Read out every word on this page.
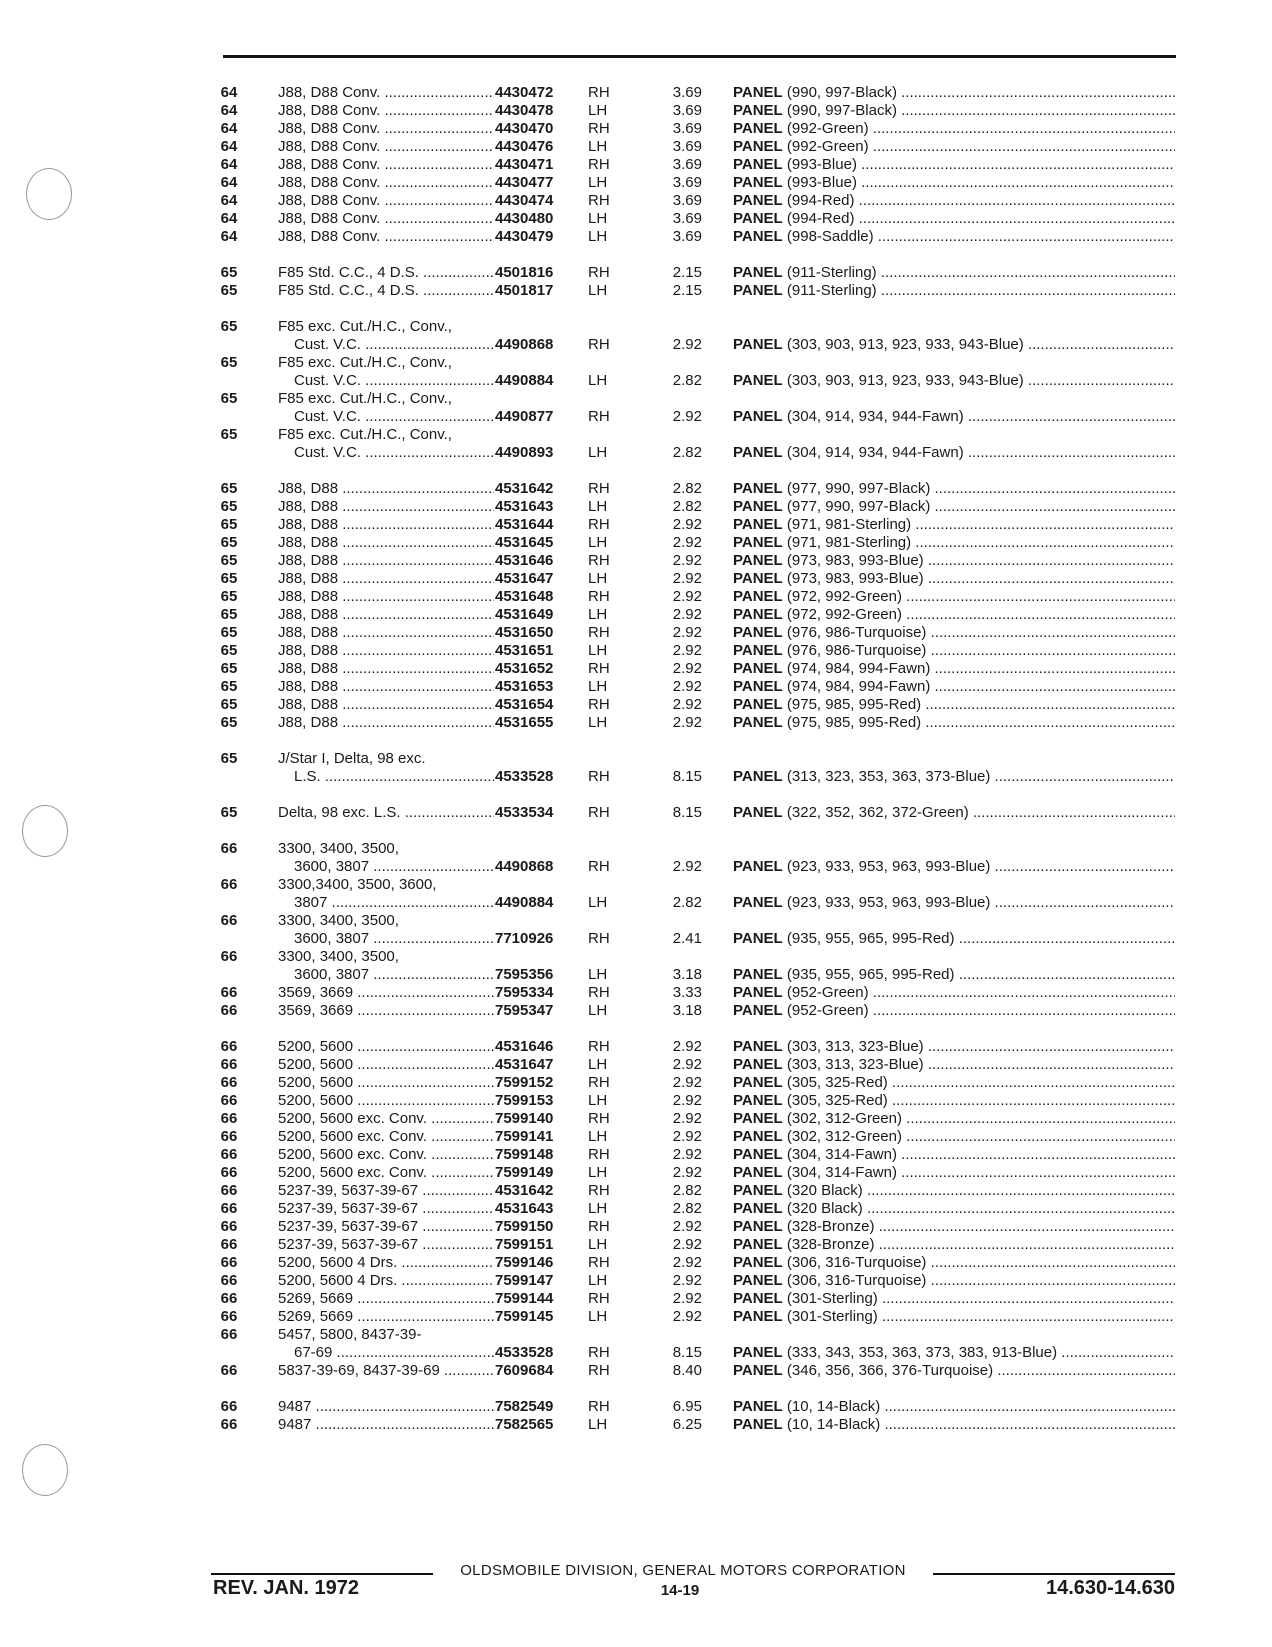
64	J88, D88 Conv. .....	4430472	RH	3.69 PANEL (990, 997-Black) .....
64	J88, D88 Conv. .....	4430478	LH	3.69 PANEL (990, 997-Black) .....
64	J88, D88 Conv. .....	4430470	RH	3.69 PANEL (992-Green) .....
64	J88, D88 Conv. .....	4430476	LH	3.69 PANEL (992-Green) .....
64	J88, D88 Conv. .....	4430471	RH	3.69 PANEL (993-Blue) .....
64	J88, D88 Conv. .....	4430477	LH	3.69 PANEL (993-Blue) .....
64	J88, D88 Conv. .....	4430474	RH	3.69 PANEL (994-Red) .....
64	J88, D88 Conv. .....	4430480	LH	3.69 PANEL (994-Red) .....
64	J88, D88 Conv. .....	4430479	LH	3.69 PANEL (998-Saddle) .....
65	F85 Std. C.C., 4 D.S. .....	4501816	RH	2.15 PANEL (911-Sterling) .....
65	F85 Std. C.C., 4 D.S. .....	4501817	LH	2.15 PANEL (911-Sterling) .....
65	F85 exc. Cut./H.C., Conv.,
Cust. V.C. .....	4490868	RH	2.92 PANEL (303, 903, 913, 923, 933, 943-Blue) .....
65	F85 exc. Cut./H.C., Conv.,
Cust. V.C. .....	4490884	LH	2.82 PANEL (303, 903, 913, 923, 933, 943-Blue) .....
65	F85 exc. Cut./H.C., Conv.,
Cust. V.C. .....	4490877	RH	2.92 PANEL (304, 914, 934, 944-Fawn) .....
65	F85 exc. Cut./H.C., Conv.,
Cust. V.C. .....	4490893	LH	2.82 PANEL (304, 914, 934, 944-Fawn) .....
65	J88, D88 .....	4531642	RH	2.82 PANEL (977, 990, 997-Black) .....
65	J88, D88 .....	4531643	LH	2.82 PANEL (977, 990, 997-Black) .....
65	J88, D88 .....	4531644	RH	2.92 PANEL (971, 981-Sterling) .....
65	J88, D88 .....	4531645	LH	2.92 PANEL (971, 981-Sterling) .....
65	J88, D88 .....	4531646	RH	2.92 PANEL (973, 983, 993-Blue) .....
65	J88, D88 .....	4531647	LH	2.92 PANEL (973, 983, 993-Blue) .....
65	J88, D88 .....	4531648	RH	2.92 PANEL (972, 992-Green) .....
65	J88, D88 .....	4531649	LH	2.92 PANEL (972, 992-Green) .....
65	J88, D88 .....	4531650	RH	2.92 PANEL (976, 986-Turquoise) .....
65	J88, D88 .....	4531651	LH	2.92 PANEL (976, 986-Turquoise) .....
65	J88, D88 .....	4531652	RH	2.92 PANEL (974, 984, 994-Fawn) .....
65	J88, D88 .....	4531653	LH	2.92 PANEL (974, 984, 994-Fawn) .....
65	J88, D88 .....	4531654	RH	2.92 PANEL (975, 985, 995-Red) .....
65	J88, D88 .....	4531655	LH	2.92 PANEL (975, 985, 995-Red) .....
65	J/Star I, Delta, 98 exc.
L.S. .....	4533528	RH	8.15 PANEL (313, 323, 353, 363, 373-Blue) .....
65	Delta, 98 exc. L.S. .....	4533534	RH	8.15 PANEL (322, 352, 362, 372-Green) .....
66	3300, 3400, 3500,
3600, 3807 .....	4490868	RH	2.92 PANEL (923, 933, 953, 963, 993-Blue) .....
66	3300,3400, 3500, 3600,
3807 .....	4490884	LH	2.82 PANEL (923, 933, 953, 963, 993-Blue) .....
66	3300, 3400, 3500,
3600, 3807 .....	7710926	RH	2.41 PANEL (935, 955, 965, 995-Red) .....
66	3300, 3400, 3500,
3600, 3807 .....	7595356	LH	3.18 PANEL (935, 955, 965, 995-Red) .....
66	3569, 3669 .....	7595334	RH	3.33 PANEL (952-Green) .....
66	3569, 3669 .....	7595347	LH	3.18 PANEL (952-Green) .....
66	5200, 5600 .....	4531646	RH	2.92 PANEL (303, 313, 323-Blue) .....
66	5200, 5600 .....	4531647	LH	2.92 PANEL (303, 313, 323-Blue) .....
66	5200, 5600 .....	7599152	RH	2.92 PANEL (305, 325-Red) .....
66	5200, 5600 .....	7599153	LH	2.92 PANEL (305, 325-Red) .....
66	5200, 5600 exc. Conv. .....	7599140	RH	2.92 PANEL (302, 312-Green) .....
66	5200, 5600 exc. Conv. .....	7599141	LH	2.92 PANEL (302, 312-Green) .....
66	5200, 5600 exc. Conv. .....	7599148	RH	2.92 PANEL (304, 314-Fawn) .....
66	5200, 5600 exc. Conv. .....	7599149	LH	2.92 PANEL (304, 314-Fawn) .....
66	5237-39, 5637-39-67 .....	4531642	RH	2.82 PANEL (320 Black) .....
66	5237-39, 5637-39-67 .....	4531643	LH	2.82 PANEL (320 Black) .....
66	5237-39, 5637-39-67 .....	7599150	RH	2.92 PANEL (328-Bronze) .....
66	5237-39, 5637-39-67 .....	7599151	LH	2.92 PANEL (328-Bronze) .....
66	5200, 5600 4 Drs. .....	7599146	RH	2.92 PANEL (306, 316-Turquoise) .....
66	5200, 5600 4 Drs. .....	7599147	LH	2.92 PANEL (306, 316-Turquoise) .....
66	5269, 5669 .....	7599144	RH	2.92 PANEL (301-Sterling) .....
66	5269, 5669 .....	7599145	LH	2.92 PANEL (301-Sterling) .....
66	5457, 5800, 8437-39-
67-69 .....	4533528	RH	8.15 PANEL (333, 343, 353, 363, 373, 383, 913-Blue) .....
66	5837-39-69, 8437-39-69 .....	7609684	RH	8.40 PANEL (346, 356, 366, 376-Turquoise) .....
66	9487 .....	7582549	RH	6.95 PANEL (10, 14-Black) .....
66	9487 .....	7582565	LH	6.25 PANEL (10, 14-Black) .....
OLDSMOBILE DIVISION, GENERAL MOTORS CORPORATION
REV. JAN. 1972	14-19	14.630-14.630
